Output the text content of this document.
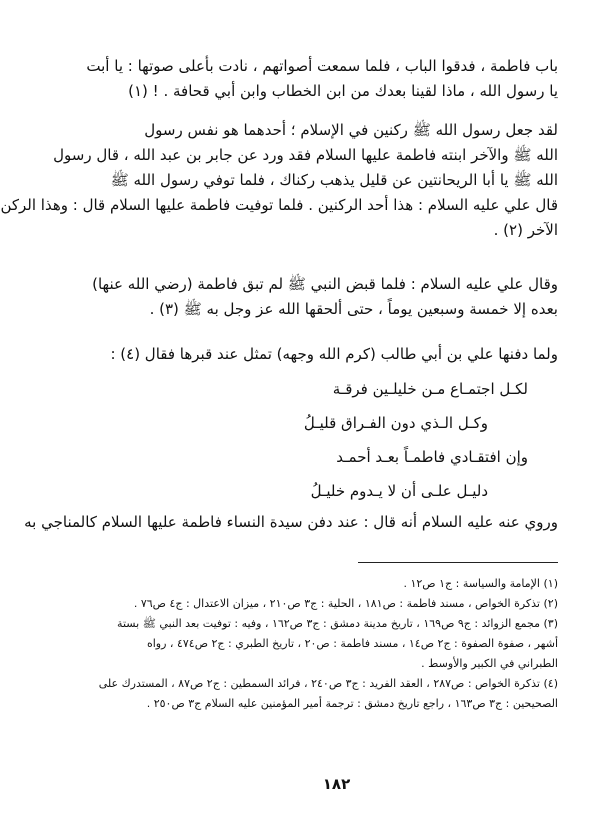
باب فاطمة ، فدقوا الباب ، فلما سمعت أصواتهم ، نادت بأعلى صوتها : يا أبت
يا رسول الله ، ماذا لقينا بعدك من ابن الخطاب وابن أبي قحافة . ! (١)
لقد جعل رسول الله ﷺ ركنين في الإسلام ؛ أحدهما هو نفس رسول
الله ﷺ والآخر ابنته فاطمة عليها السلام فقد ورد عن جابر بن عبد الله ، قال رسول
الله ﷺ يا أبا الريحانتين عن قليل يذهب ركناك ، فلما توفي رسول الله ﷺ
قال علي عليه السلام : هذا أحد الركنين . فلما توفيت فاطمة عليها السلام قال : وهذا الركن
الآخر (٢) .
وقال علي عليه السلام : فلما قبض النبي ﷺ لم تبق فاطمة (رضي الله عنها)
بعده إلا خمسة وسبعين يوماً ، حتى ألحقها الله عز وجل به ﷺ (٣) .
ولما دفنها علي بن أبي طالب (كرم الله وجهه) تمثل عند قبرها فقال (٤) :
لكـل اجتمـاع مـن خليلـين فرقـة
وكـل الـذي دون الفـراق قليـلُ
وإن افتقـادي فاطمـاً بعـد أحمـد
دليـل علـى أن لا يـدوم خليـلُ
وروي عنه عليه السلام أنه قال : عند دفن سيدة النساء فاطمة عليها السلام كالمناجي به
(١) الإمامة والسياسة : ج١ ص١٢ .
(٢) تذكرة الخواص ، مسند فاطمة : ص١٨١ ، الحلية : ج٣ ص٢١٠ ، ميزان الاعتدال : ج٤ ص٧٦ .
(٣) مجمع الزوائد : ج٩ ص١٦٩ ، تاريخ مدينة دمشق : ج٣ ص١٦٢ ، وفيه : توفيت بعد النبي ﷺ بستة
أشهر ، صفوة الصفوة : ج٢ ص١٤ ، مسند فاطمة : ص٢٠ ، تاريخ الطبري : ج٢ ص٤٧٤ ، رواه
الطبراني في الكبير والأوسط .
(٤) تذكرة الخواص : ص٢٨٧ ، العقد الفريد : ج٣ ص٢٤٠ ، فرائد السمطين : ج٢ ص٨٧ ، المستدرك على
الصحيحين : ج٣ ص١٦٣ ، راجع تاريخ دمشق : ترجمة أمير المؤمنين عليه السلام ج٣ ص٢٥٠ .
١٨٢
